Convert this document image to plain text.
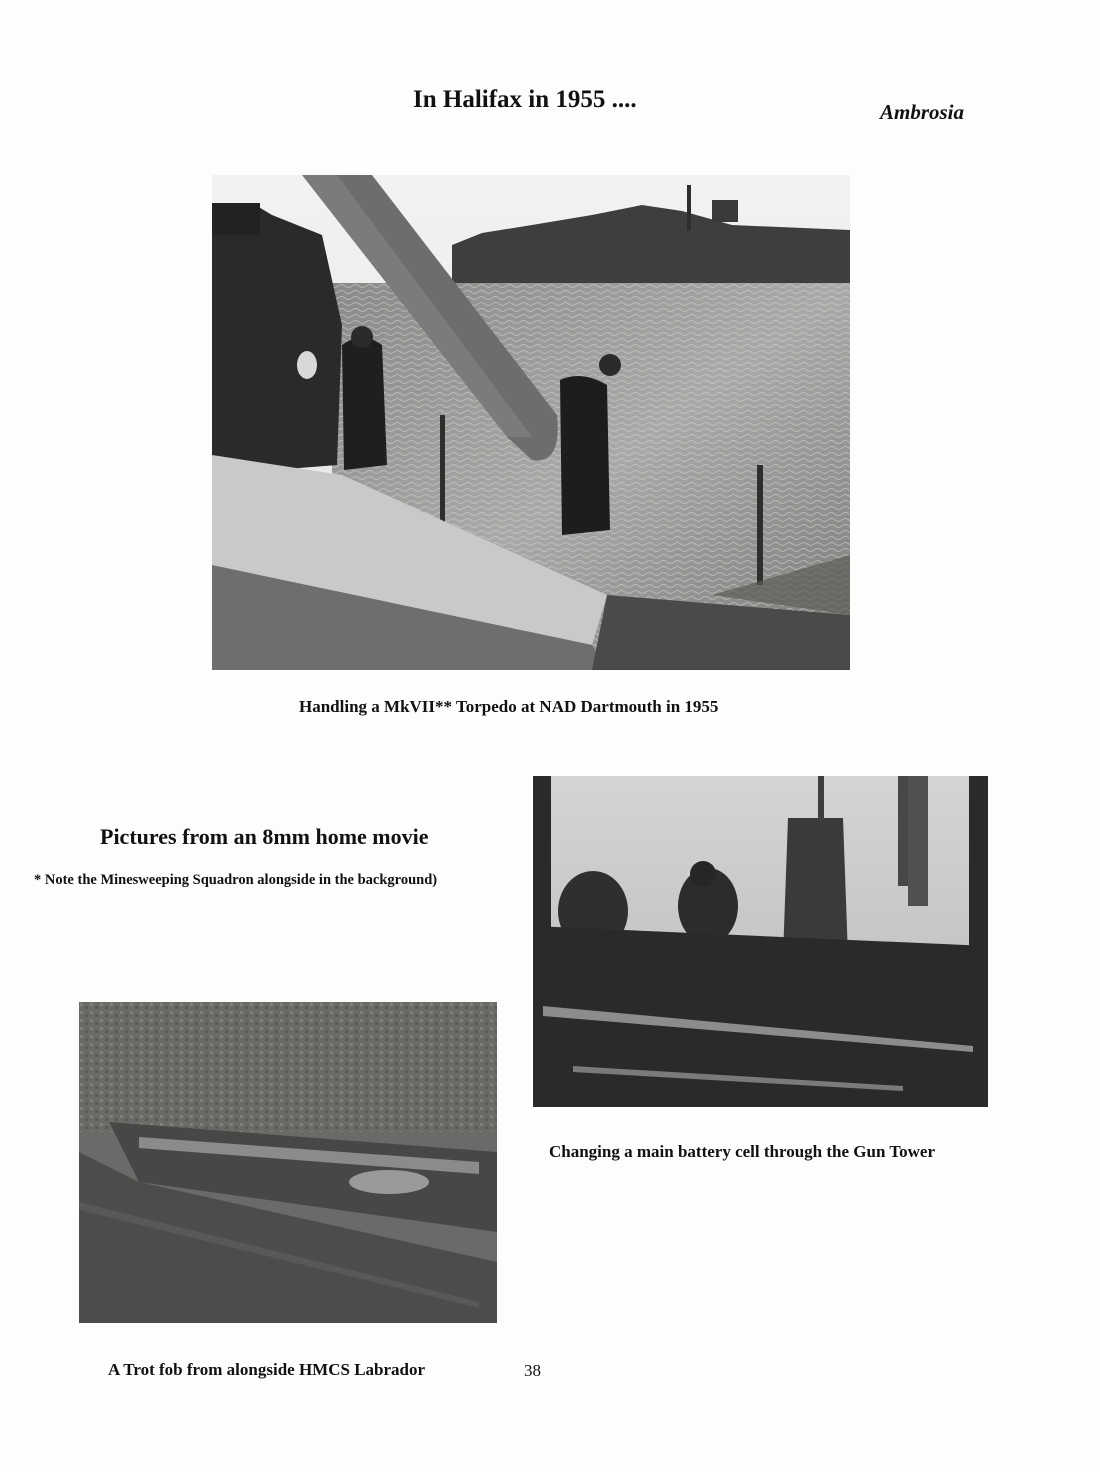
In Halifax in 1955 ....	Ambrosia
Handling a MkVII** Torpedo at NAD Dartmouth in 1955
Pictures from an 8mm home movie
* Note the Minesweeping Squadron alongside in the background)
Changing a main battery cell through the Gun Tower
A Trot fob from alongside HMCS Labrador	38
